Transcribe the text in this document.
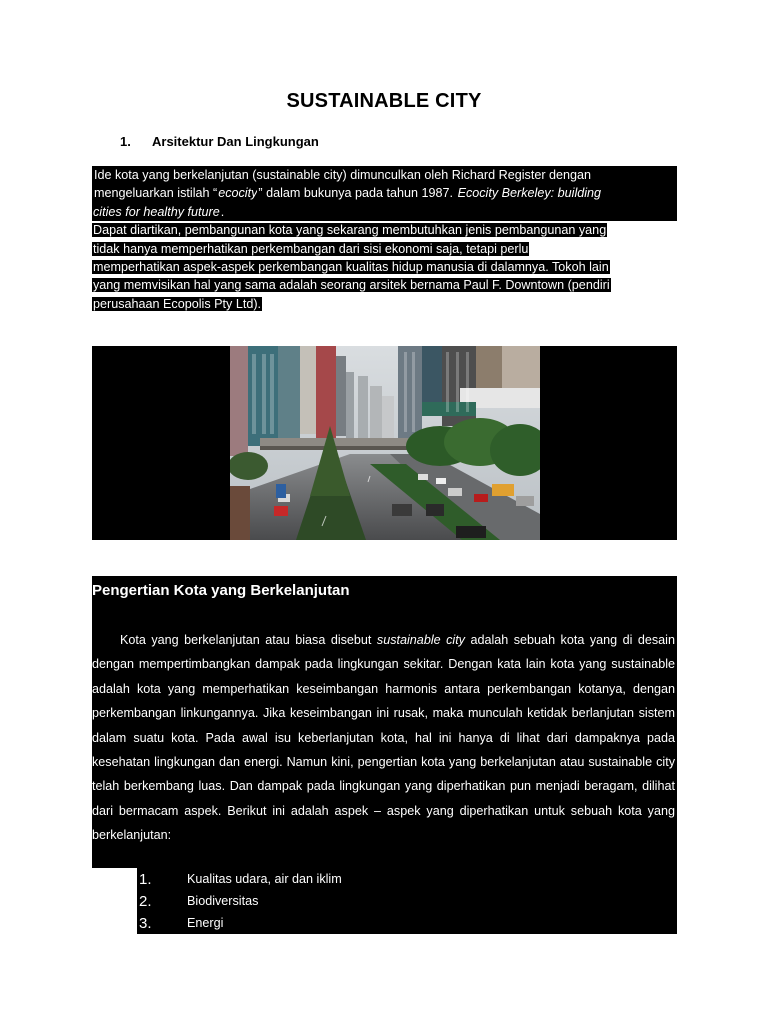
SUSTAINABLE CITY
1. Arsitektur Dan Lingkungan
Ide kota yang berkelanjutan (sustainable city) dimunculkan oleh Richard Register dengan
mengeluarkan istilah “ecocity” dalam bukunya pada tahun 1987. Ecocity Berkeley: building
cities for healthy future.
Dapat diartikan, pembangunan kota yang sekarang membutuhkan jenis pembangunan yang
tidak hanya memperhatikan perkembangan dari sisi ekonomi saja, tetapi perlu
memperhatikan aspek-aspek perkembangan kualitas hidup manusia di dalamnya. Tokoh lain
yang memvisikan hal yang sama adalah seorang arsitek bernama Paul F. Downtown (pendiri
perusahaan Ecopolis Pty Ltd).
Pengertian Kota yang Berkelanjutan
Kota yang berkelanjutan atau biasa disebut sustainable city adalah sebuah kota yang di desain dengan mempertimbangkan dampak pada lingkungan sekitar. Dengan kata lain kota yang sustainable adalah kota yang memperhatikan keseimbangan harmonis antara perkembangan kotanya, dengan perkembangan linkungannya. Jika keseimbangan ini rusak, maka munculah ketidak berlanjutan sistem dalam suatu kota. Pada awal isu keberlanjutan kota, hal ini hanya di lihat dari dampaknya pada kesehatan lingkungan dan energi. Namun kini, pengertian kota yang berkelanjutan atau sustainable city telah berkembang luas. Dan dampak pada lingkungan yang diperhatikan pun menjadi beragam, dilihat dari bermacam aspek. Berikut ini adalah aspek – aspek yang diperhatikan untuk sebuah kota yang berkelanjutan:
1.	Kualitas udara, air dan iklim
2.	Biodiversitas
3.	Energi
